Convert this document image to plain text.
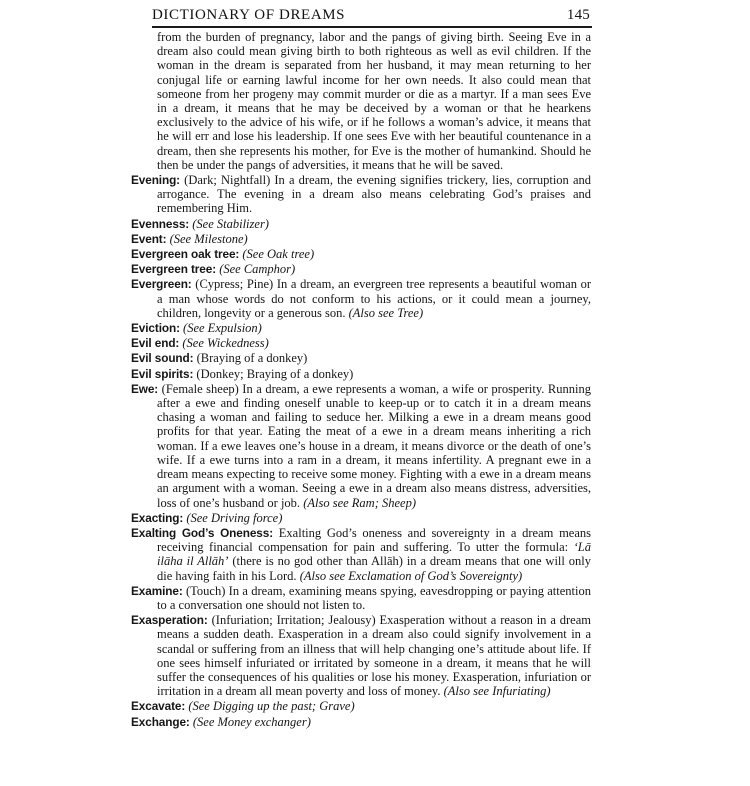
DICTIONARY OF DREAMS	145

from the burden of pregnancy, labor and the pangs of giving birth. Seeing Eve in a dream also could mean giving birth to both righteous as well as evil children. If the woman in the dream is separated from her husband, it may mean returning to her conjugal life or earning lawful income for her own needs. It also could mean that someone from her progeny may commit murder or die as a martyr. If a man sees Eve in a dream, it means that he may be deceived by a woman or that he hearkens exclusively to the advice of his wife, or if he follows a woman’s advice, it means that he will err and lose his leadership. If one sees Eve with her beautiful countenance in a dream, then she represents his mother, for Eve is the mother of humankind. Should he then be under the pangs of adversities, it means that he will be saved.

Evening: (Dark; Nightfall) In a dream, the evening signifies trickery, lies, corruption and arrogance. The evening in a dream also means celebrating God’s praises and remembering Him.

Evenness: (See Stabilizer)

Event: (See Milestone)

Evergreen oak tree: (See Oak tree)

Evergreen tree: (See Camphor)

Evergreen: (Cypress; Pine) In a dream, an evergreen tree represents a beautiful woman or a man whose words do not conform to his actions, or it could mean a journey, children, longevity or a generous son. (Also see Tree)

Eviction: (See Expulsion)

Evil end: (See Wickedness)

Evil sound: (Braying of a donkey)

Evil spirits: (Donkey; Braying of a donkey)

Ewe: (Female sheep) In a dream, a ewe represents a woman, a wife or prosperity. Running after a ewe and finding oneself unable to keep-up or to catch it in a dream means chasing a woman and failing to seduce her. Milking a ewe in a dream means good profits for that year. Eating the meat of a ewe in a dream means inheriting a rich woman. If a ewe leaves one’s house in a dream, it means divorce or the death of one’s wife. If a ewe turns into a ram in a dream, it means infertility. A pregnant ewe in a dream means expecting to receive some money. Fighting with a ewe in a dream means an argument with a woman. Seeing a ewe in a dream also means distress, adversities, loss of one’s husband or job. (Also see Ram; Sheep)

Exacting: (See Driving force)

Exalting God’s Oneness: Exalting God’s oneness and sovereignty in a dream means receiving financial compensation for pain and suffering. To utter the formula: ‘Lā ilāha il Allāh’ (there is no god other than Allāh) in a dream means that one will only die having faith in his Lord. (Also see Exclamation of God’s Sovereignty)

Examine: (Touch) In a dream, examining means spying, eavesdropping or paying attention to a conversation one should not listen to.

Exasperation: (Infuriation; Irritation; Jealousy) Exasperation without a reason in a dream means a sudden death. Exasperation in a dream also could signify involvement in a scandal or suffering from an illness that will help changing one’s attitude about life. If one sees himself infuriated or irritated by someone in a dream, it means that he will suffer the consequences of his qualities or lose his money. Exasperation, infuriation or irritation in a dream all mean poverty and loss of money. (Also see Infuriating)

Excavate: (See Digging up the past; Grave)

Exchange: (See Money exchanger)
